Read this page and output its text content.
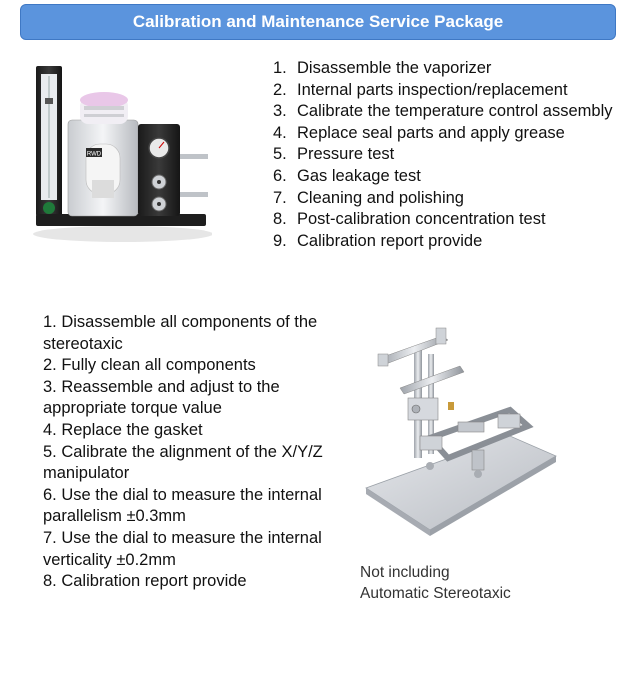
Calibration and Maintenance Service Package
RWD
1. Disassemble the vaporizer
2. Internal parts inspection/replacement
3. Calibrate the temperature control assembly
4. Replace seal parts and apply grease
5. Pressure test
6. Gas leakage test
7. Cleaning and polishing
8. Post-calibration concentration test
9. Calibration report provide
1. Disassemble all components of the stereotaxic
2. Fully clean all components
3. Reassemble and adjust to the appropriate torque value
4. Replace the gasket
5. Calibrate the alignment of the X/Y/Z manipulator
6. Use the dial to measure the internal parallelism ±0.3mm
7. Use the dial to measure the internal verticality ±0.2mm
8. Calibration report provide	Not including
Automatic Stereotaxic
